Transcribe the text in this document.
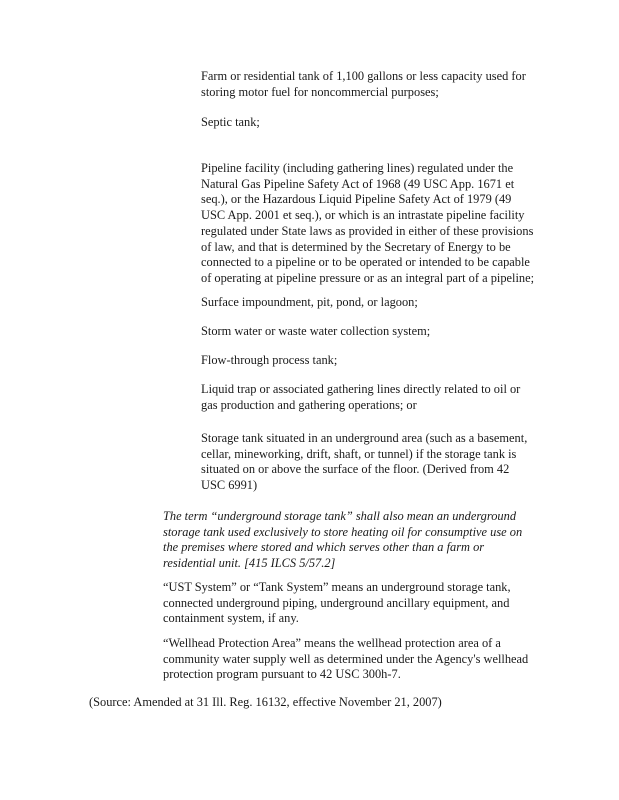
Farm or residential tank of 1,100 gallons or less capacity used for
storing motor fuel for noncommercial purposes;

Septic tank;

Pipeline facility (including gathering lines) regulated under the
Natural Gas Pipeline Safety Act of 1968 (49 USC App. 1671 et
seq.), or the Hazardous Liquid Pipeline Safety Act of 1979 (49
USC App. 2001 et seq.), or which is an intrastate pipeline facility
regulated under State laws as provided in either of these provisions
of law, and that is determined by the Secretary of Energy to be
connected to a pipeline or to be operated or intended to be capable
of operating at pipeline pressure or as an integral part of a pipeline;

Surface impoundment, pit, pond, or lagoon;

Storm water or waste water collection system;

Flow-through process tank;

Liquid trap or associated gathering lines directly related to oil or
gas production and gathering operations; or

Storage tank situated in an underground area (such as a basement,
cellar, mineworking, drift, shaft, or tunnel) if the storage tank is
situated on or above the surface of the floor. (Derived from 42
USC 6991)

The term “underground storage tank” shall also mean an underground
storage tank used exclusively to store heating oil for consumptive use on
the premises where stored and which serves other than a farm or
residential unit. [415 ILCS 5/57.2]

“UST System” or “Tank System” means an underground storage tank,
connected underground piping, underground ancillary equipment, and
containment system, if any.

“Wellhead Protection Area” means the wellhead protection area of a
community water supply well as determined under the Agency's wellhead
protection program pursuant to 42 USC 300h-7.

(Source: Amended at 31 Ill. Reg. 16132, effective November 21, 2007)
